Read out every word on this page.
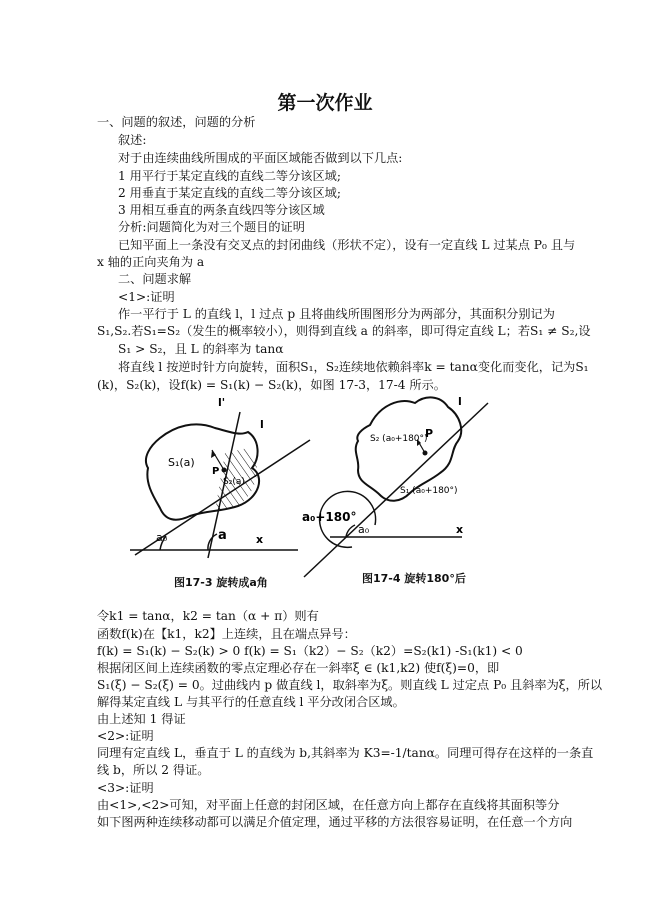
第一次作业
一、问题的叙述，问题的分析
叙述:
对于由连续曲线所围成的平面区域能否做到以下几点:
1 用平行于某定直线的直线二等分该区域;
2 用垂直于某定直线的直线二等分该区域;
3 用相互垂直的两条直线四等分该区域
分析:问题简化为对三个题目的证明
已知平面上一条没有交叉点的封闭曲线（形状不定），设有一定直线 L 过某点 P₀ 且与
x 轴的正向夹角为 a
二、问题求解
<1>:证明
作一平行于 L 的直线 l，l 过点 p 且将曲线所围图形分为两部分，其面积分别记为
S₁,S₂.若S₁=S₂（发生的概率较小），则得到直线 a 的斜率，即可得定直线 L；若S₁ ≠ S₂,设
S₁ > S₂，且 L 的斜率为 tanα
将直线 l 按逆时针方向旋转，面积S₁，S₂连续地依赖斜率k = tanα变化而变化，记为S₁
(k)，S₂(k)，设f(k) = S₁(k) − S₂(k)，如图 17-3，17-4 所示。
l'
l
S₁(a)
S₂(a)
P
a₀	a	x
图17-3 旋转成a角
l
S₂ (a₀+180°)
S₁ (a₀+180°)
P
a₀+180°
a₀	x
图17-4 旋转180°后
令k1 = tanα，k2 = tan（α + π）则有
函数f(k)在【k1，k2】上连续，且在端点异号：
f(k) = S₁(k) − S₂(k) > 0 f(k) = S₁（k2）− S₂（k2）=S₂(k1) -S₁(k1) < 0
根据闭区间上连续函数的零点定理必存在一斜率ξ ∈ (k1,k2) 使f(ξ)=0，即
S₁(ξ) − S₂(ξ) = 0。过曲线内 p 做直线 l，取斜率为ξ。则直线 L 过定点 P₀ 且斜率为ξ，所以
解得某定直线 L 与其平行的任意直线 l 平分改闭合区域。
由上述知 1 得证
<2>:证明
同理有定直线 L，垂直于 L 的直线为 b,其斜率为 K3=-1/tanα。同理可得存在这样的一条直
线 b，所以 2 得证。
<3>:证明
由<1>,<2>可知，对平面上任意的封闭区域，在任意方向上都存在直线将其面积等分
如下图两种连续移动都可以满足介值定理，通过平移的方法很容易证明，在任意一个方向
